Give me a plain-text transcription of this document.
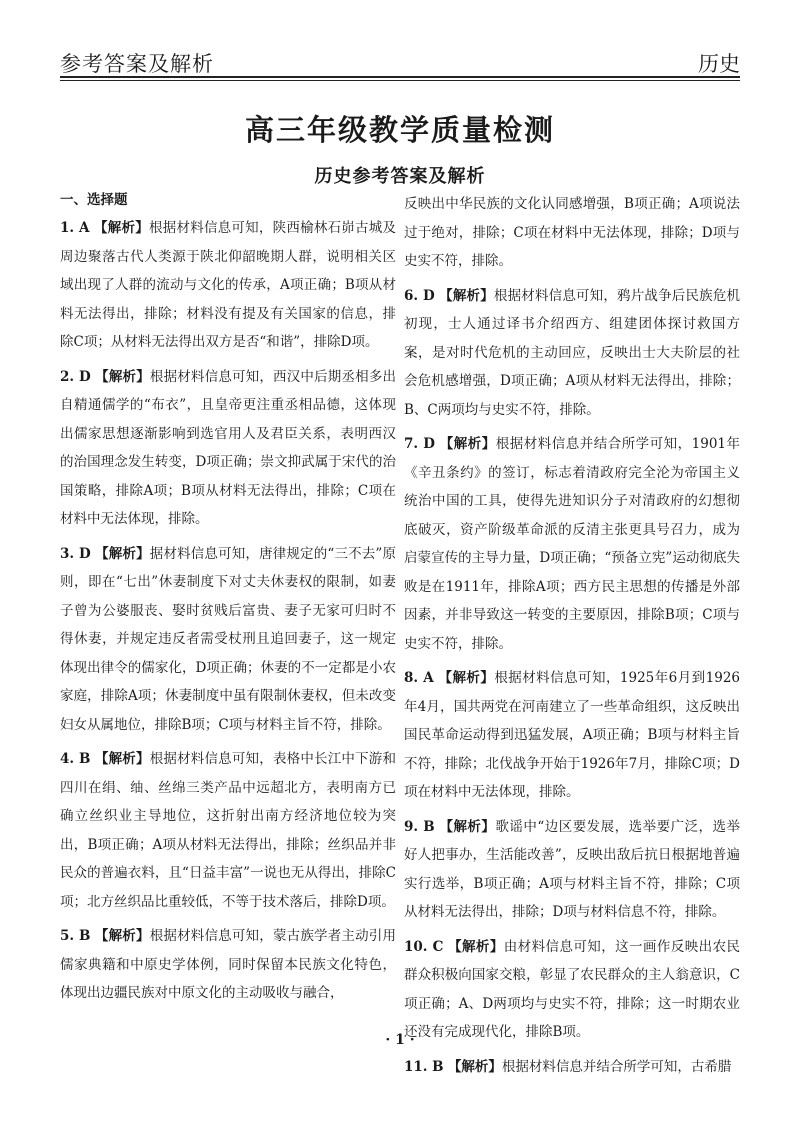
参考答案及解析	历史
高三年级教学质量检测
历史参考答案及解析
一、选择题
1. A 【解析】根据材料信息可知，陕西榆林石峁古城及周边聚落古代人类源于陕北仰韶晚期人群，说明相关区域出现了人群的流动与文化的传承，A项正确；B项从材料无法得出，排除；材料没有提及有关国家的信息，排除C项；从材料无法得出双方是否“和谐”，排除D项。
2. D 【解析】根据材料信息可知，西汉中后期丞相多出自精通儒学的“布衣”，且皇帝更注重丞相品德，这体现出儒家思想逐渐影响到选官用人及君臣关系，表明西汉的治国理念发生转变，D项正确；崇文抑武属于宋代的治国策略，排除A项；B项从材料无法得出，排除；C项在材料中无法体现，排除。
3. D 【解析】据材料信息可知，唐律规定的“三不去”原则，即在“七出”休妻制度下对丈夫休妻权的限制，如妻子曾为公婆服丧、娶时贫贱后富贵、妻子无家可归时不得休妻，并规定违反者需受杖刑且追回妻子，这一规定体现出律令的儒家化，D项正确；休妻的不一定都是小农家庭，排除A项；休妻制度中虽有限制休妻权，但未改变妇女从属地位，排除B项；C项与材料主旨不符，排除。
4. B 【解析】根据材料信息可知，表格中长江中下游和四川在绢、䌷、丝绵三类产品中远超北方，表明南方已确立丝织业主导地位，这折射出南方经济地位较为突出，B项正确；A项从材料无法得出，排除；丝织品并非民众的普遍衣料，且“日益丰富”一说也无从得出，排除C项；北方丝织品比重较低，不等于技术落后，排除D项。
5. B 【解析】根据材料信息可知，蒙古族学者主动引用儒家典籍和中原史学体例，同时保留本民族文化特色，体现出边疆民族对中原文化的主动吸收与融合，
反映出中华民族的文化认同感增强，B项正确；A项说法过于绝对，排除；C项在材料中无法体现，排除；D项与史实不符，排除。
6. D 【解析】根据材料信息可知，鸦片战争后民族危机初现，士人通过译书介绍西方、组建团体探讨救国方案，是对时代危机的主动回应，反映出士大夫阶层的社会危机感增强，D项正确；A项从材料无法得出，排除；B、C两项均与史实不符，排除。
7. D 【解析】根据材料信息并结合所学可知，1901年《辛丑条约》的签订，标志着清政府完全沦为帝国主义统治中国的工具，使得先进知识分子对清政府的幻想彻底破灭，资产阶级革命派的反清主张更具号召力，成为启蒙宣传的主导力量，D项正确；“预备立宪”运动彻底失败是在1911年，排除A项；西方民主思想的传播是外部因素，并非导致这一转变的主要原因，排除B项；C项与史实不符，排除。
8. A 【解析】根据材料信息可知，1925年6月到1926年4月，国共两党在河南建立了一些革命组织，这反映出国民革命运动得到迅猛发展，A项正确；B项与材料主旨不符，排除；北伐战争开始于1926年7月，排除C项；D项在材料中无法体现，排除。
9. B 【解析】歌谣中“边区要发展，选举要广泛，选举好人把事办，生活能改善”，反映出敌后抗日根据地普遍实行选举，B项正确；A项与材料主旨不符，排除；C项从材料无法得出，排除；D项与材料信息不符，排除。
10. C 【解析】由材料信息可知，这一画作反映出农民群众积极向国家交粮，彰显了农民群众的主人翁意识，C项正确；A、D两项均与史实不符，排除；这一时期农业还没有完成现代化，排除B项。
11. B 【解析】根据材料信息并结合所学可知，古希腊
· 1 ·
